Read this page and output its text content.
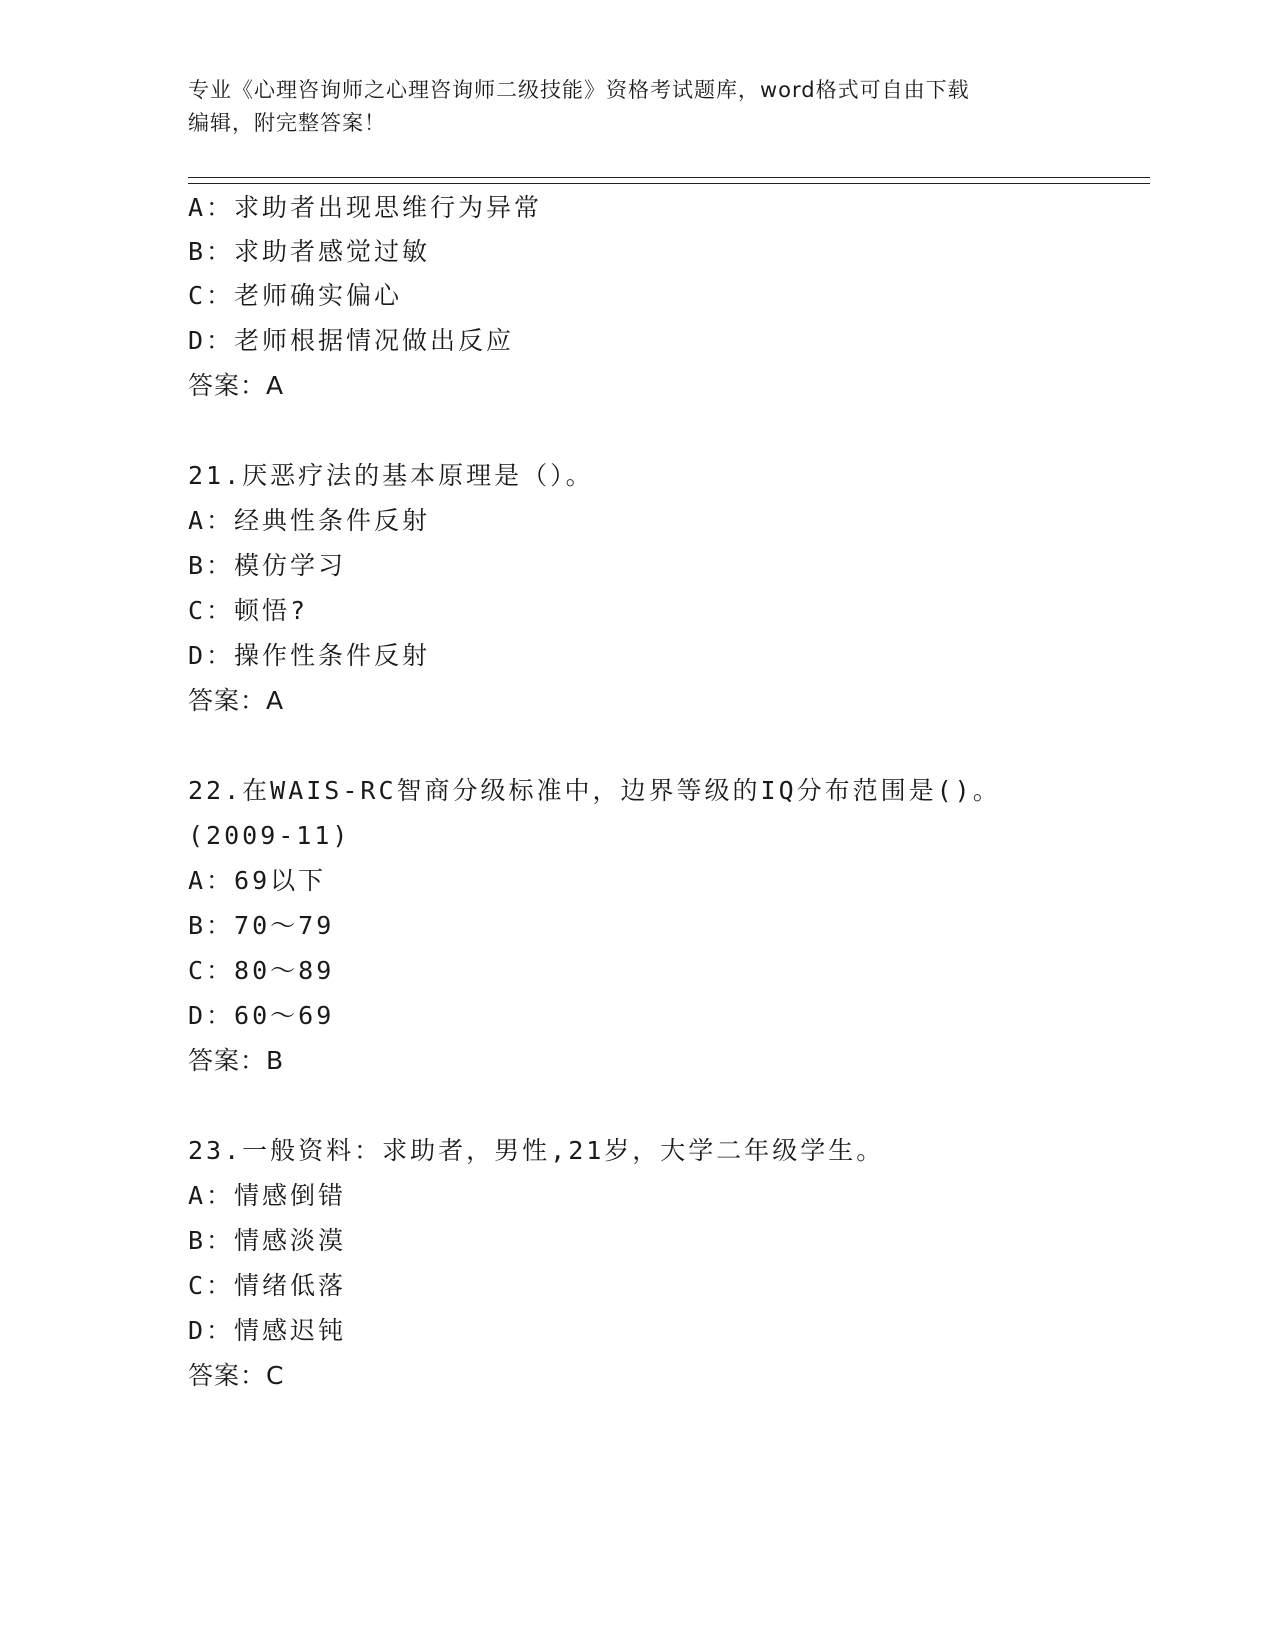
专业《心理咨询师之心理咨询师二级技能》资格考试题库，word格式可自由下载
编辑，附完整答案！
A：求助者出现思维行为异常
B：求助者感觉过敏
C：老师确实偏心
D：老师根据情况做出反应
答案：A
21.厌恶疗法的基本原理是（）。
A：经典性条件反射
B：模仿学习
C：顿悟?
D：操作性条件反射
答案：A
22.在WAIS-RC智商分级标准中，边界等级的IQ分布范围是()。
(2009-11)
A：69以下
B：70～79
C：80～89
D：60～69
答案：B
23.一般资料：求助者，男性,21岁，大学二年级学生。
A：情感倒错
B：情感淡漠
C：情绪低落
D：情感迟钝
答案：C
